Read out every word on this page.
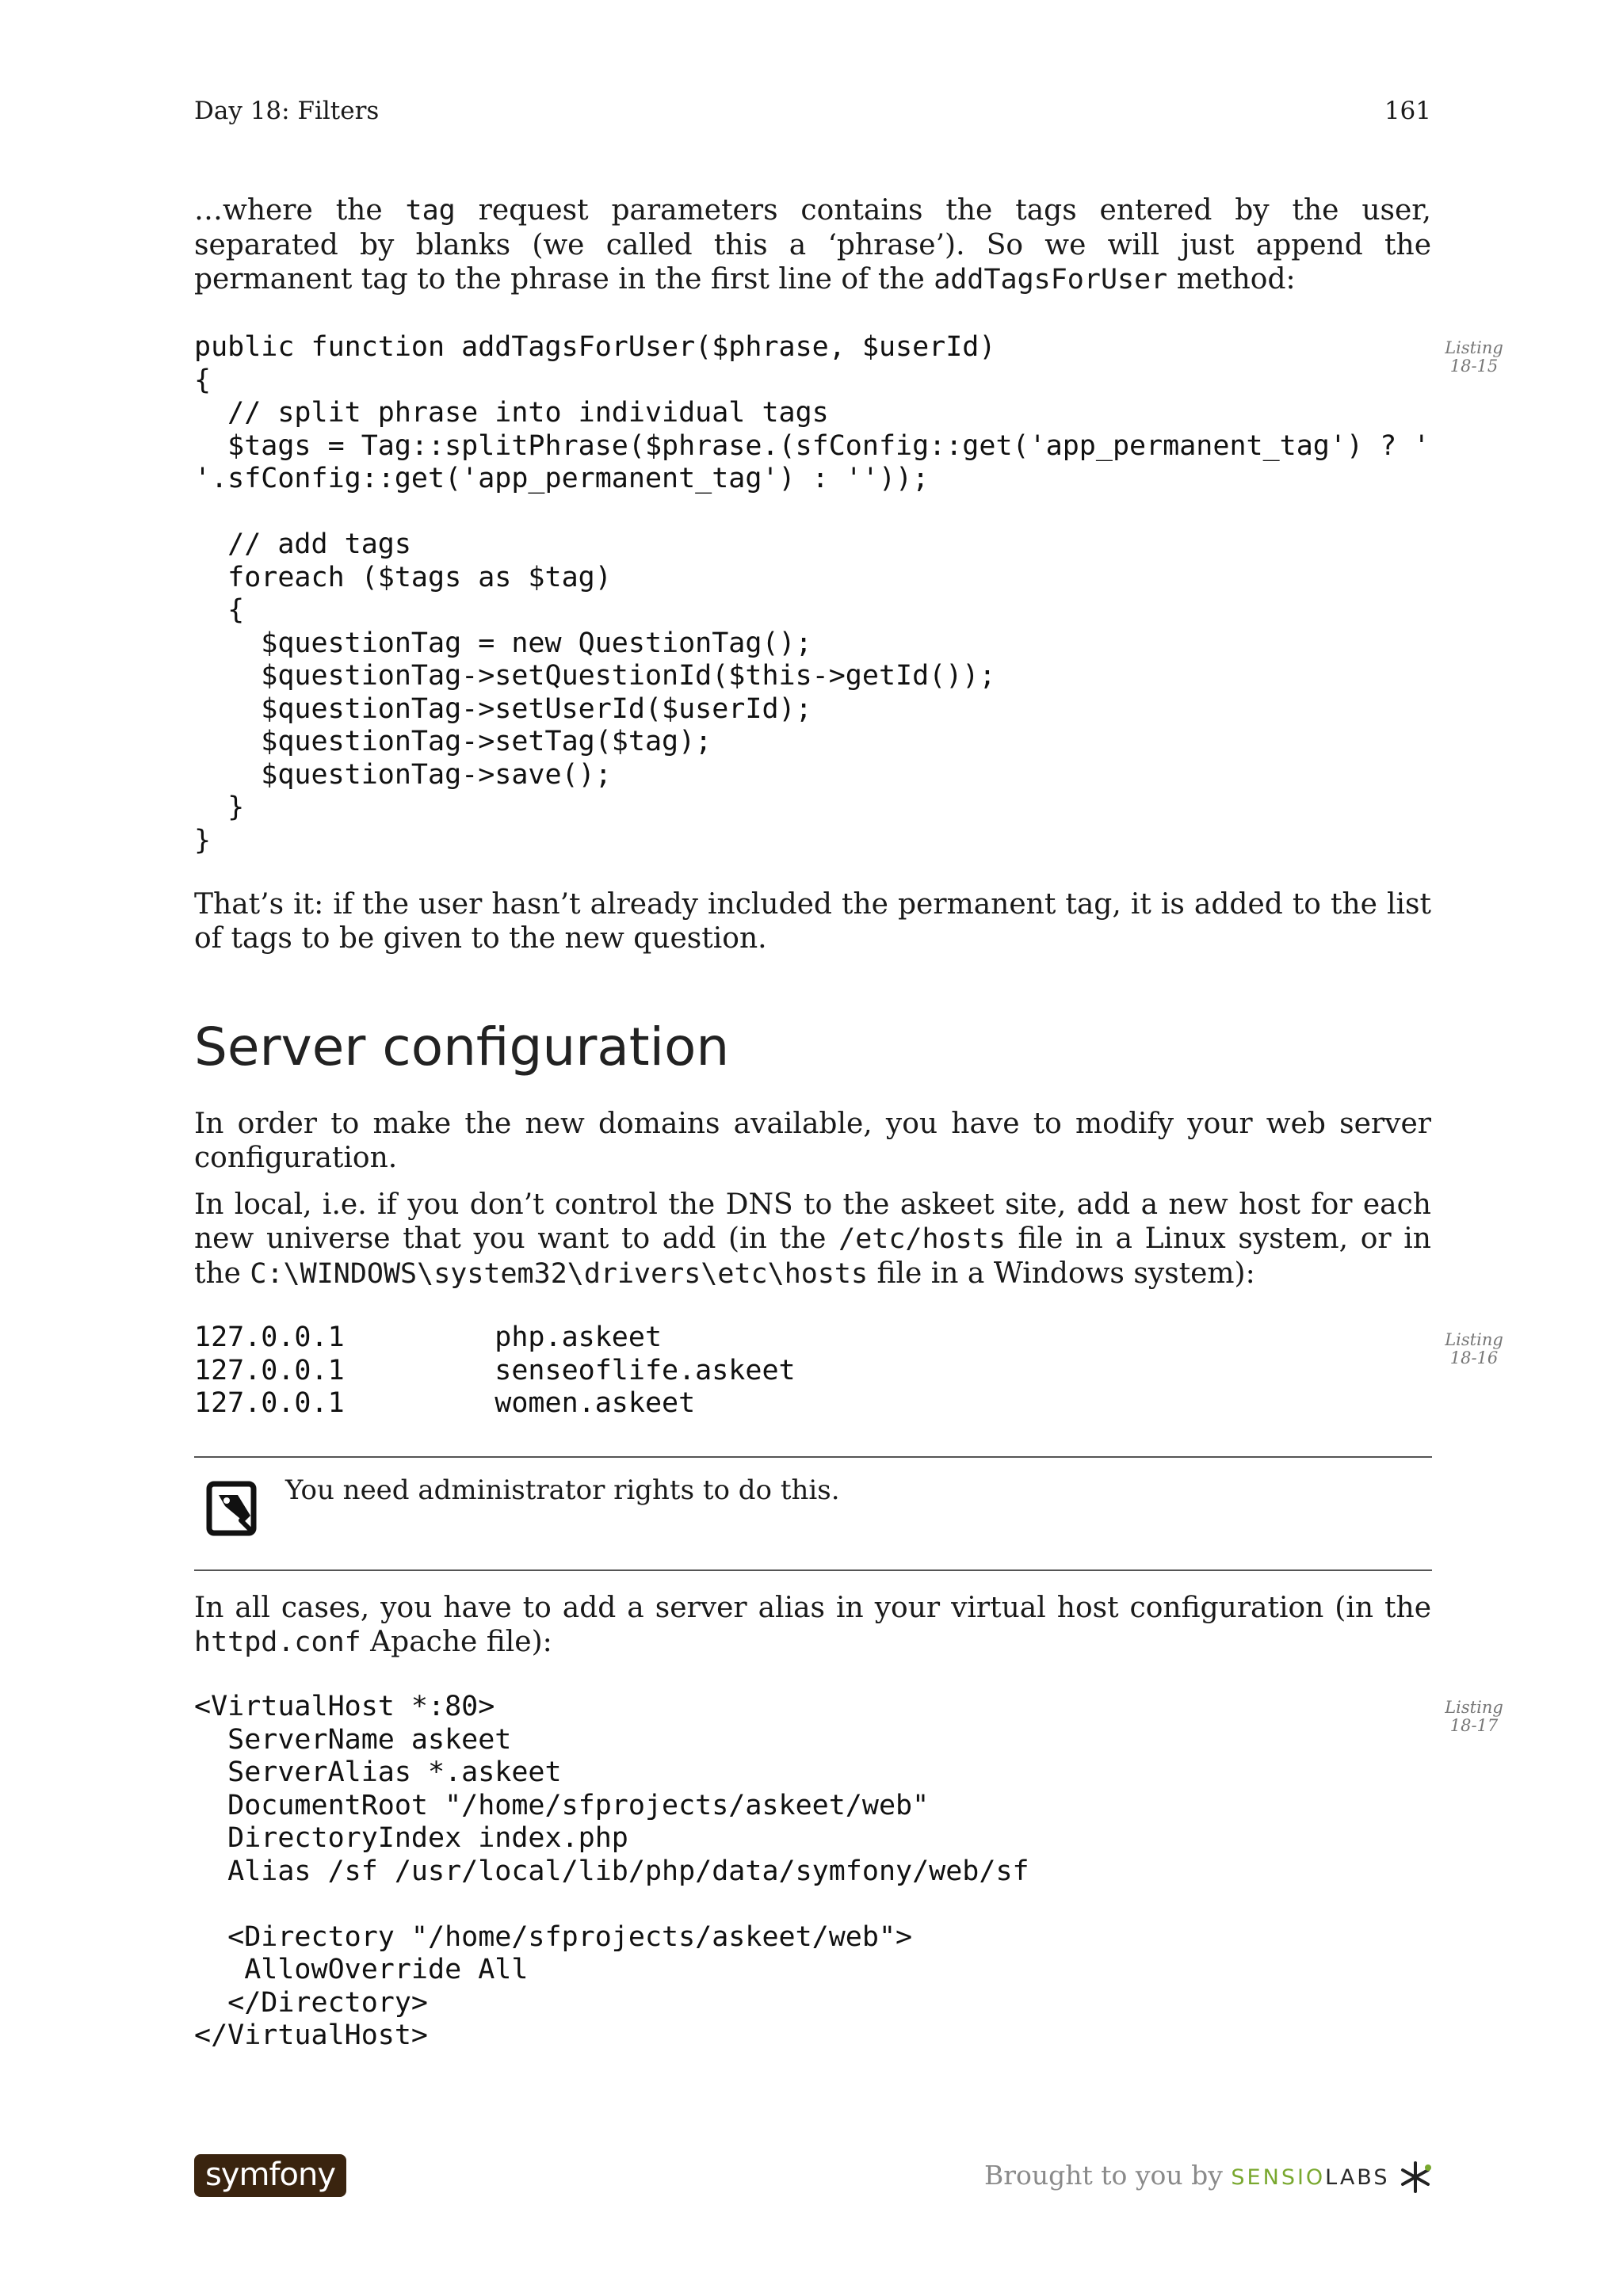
Day 18: Filters	161
…where the tag request parameters contains the tags entered by the user, separated by blanks (we called this a ‘phrase’). So we will just append the permanent tag to the phrase in the first line of the addTagsForUser method:
public function addTagsForUser($phrase, $userId)
{
// split phrase into individual tags
$tags = Tag::splitPhrase($phrase.(sfConfig::get('app_permanent_tag') ? '
'.sfConfig::get('app_permanent_tag') : ''));

// add tags
foreach ($tags as $tag)
{
$questionTag = new QuestionTag();
$questionTag->setQuestionId($this->getId());
$questionTag->setUserId($userId);
$questionTag->setTag($tag);
$questionTag->save();
}
}
Listing
18-15
That’s it: if the user hasn’t already included the permanent tag, it is added to the list of tags to be given to the new question.
Server configuration
In order to make the new domains available, you have to modify your web server configuration.
In local, i.e. if you don’t control the DNS to the askeet site, add a new host for each new universe that you want to add (in the /etc/hosts file in a Linux system, or in the C:\WINDOWS\system32\drivers\etc\hosts file in a Windows system):
127.0.0.1         php.askeet
127.0.0.1         senseoflife.askeet
127.0.0.1         women.askeet
Listing
18-16
You need administrator rights to do this.
In all cases, you have to add a server alias in your virtual host configuration (in the httpd.conf Apache file):
<VirtualHost *:80>
ServerName askeet
ServerAlias *.askeet
DocumentRoot "/home/sfprojects/askeet/web"
DirectoryIndex index.php
Alias /sf /usr/local/lib/php/data/symfony/web/sf

<Directory "/home/sfprojects/askeet/web">
AllowOverride All
</Directory>
</VirtualHost>
Listing
18-17
symfony	Brought to you by SENSIOLABS
